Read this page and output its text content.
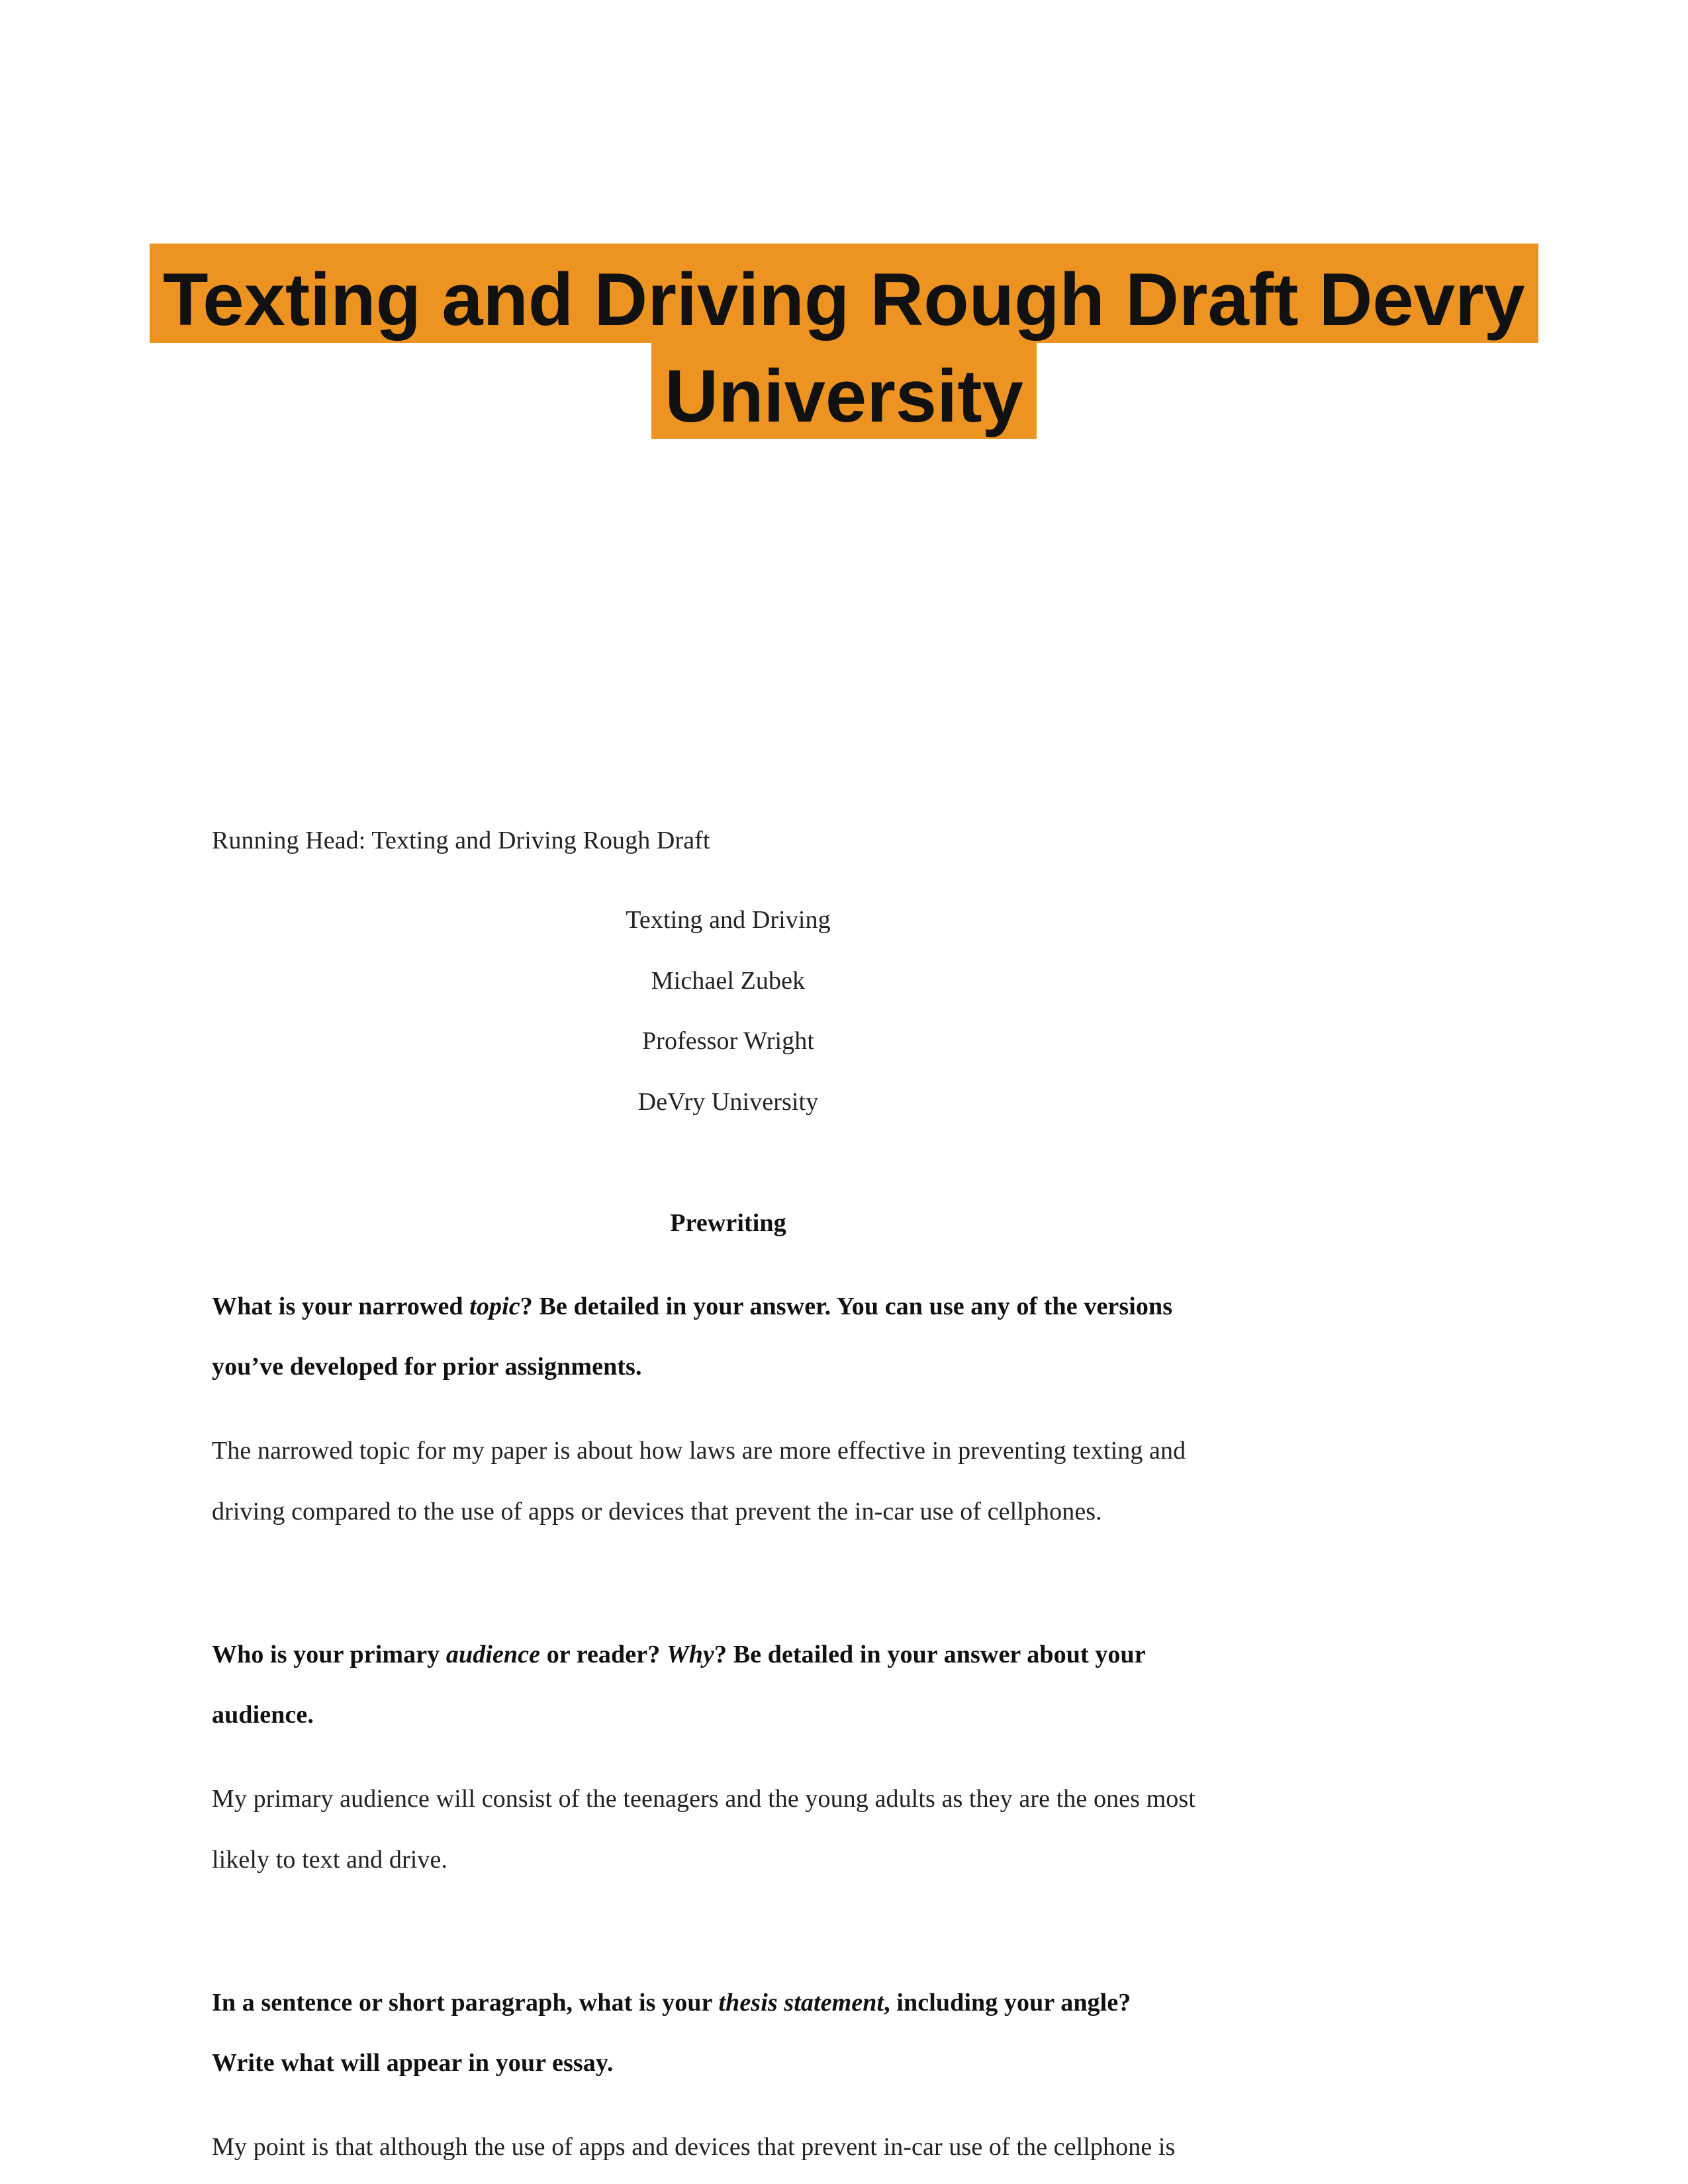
Texting and Driving Rough Draft Devry
University
Running Head: Texting and Driving Rough Draft
Texting and Driving
Michael Zubek
Professor Wright
DeVry University
Prewriting
What is your narrowed topic? Be detailed in your answer. You can use any of the versions
you’ve developed for prior assignments.
The narrowed topic for my paper is about how laws are more effective in preventing texting and
driving compared to the use of apps or devices that prevent the in-car use of cellphones.
Who is your primary audience or reader? Why? Be detailed in your answer about your
audience.
My primary audience will consist of the teenagers and the young adults as they are the ones most
likely to text and drive.
In a sentence or short paragraph, what is your thesis statement, including your angle?
Write what will appear in your essay.
My point is that although the use of apps and devices that prevent in-car use of the cellphone is
